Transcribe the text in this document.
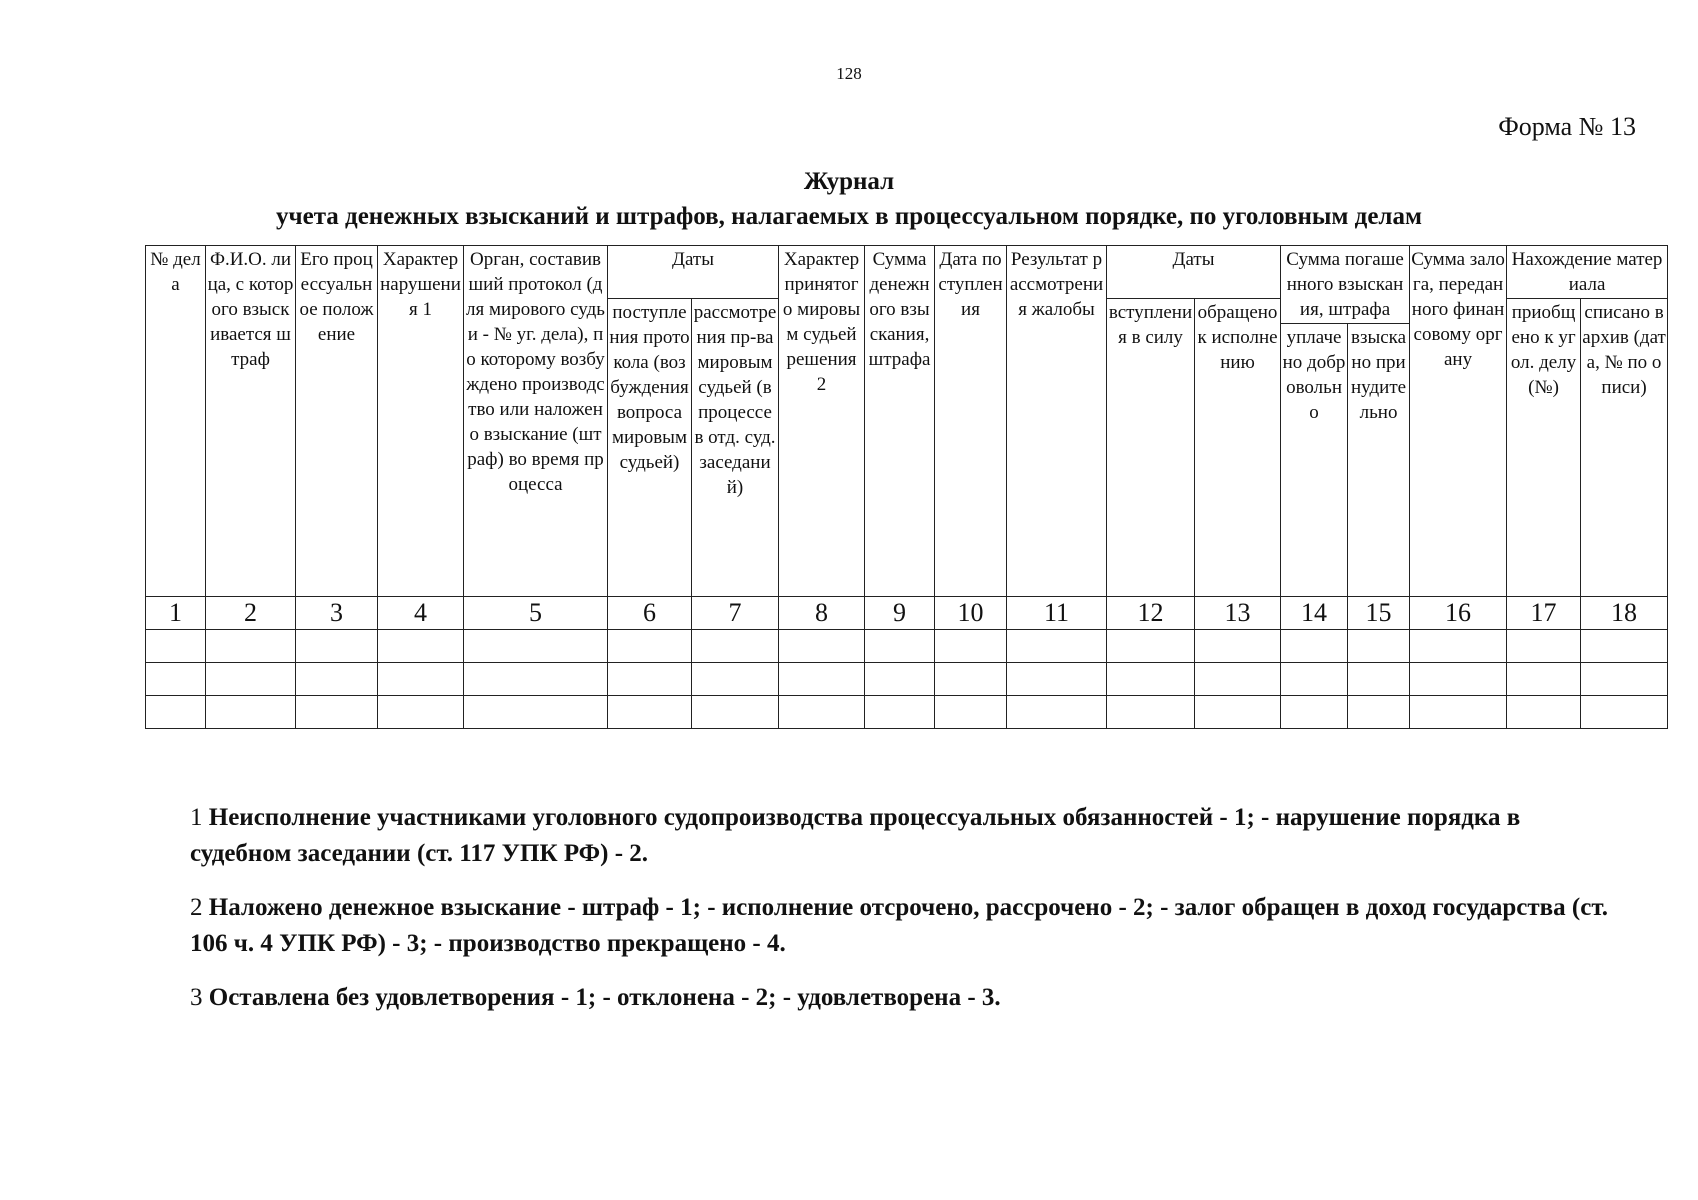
128
Форма № 13
Журнал
учета денежных взысканий и штрафов, налагаемых в процессуальном порядке, по уголовным делам
№ дела	Ф.И.О. лица, с которого взыскивается штраф	Его процессуальное положение	Характер нарушения 1	Орган, составивший протокол (для мирового судьи - № уг. дела), по которому возбуждено производство или наложено взыскание (штраф) во время процесса	Даты		Характер принятого мировым судьей решения 2	Сумма денежного взыскания, штрафа	Дата поступления	Результат рассмотрения жалобы	Даты		Сумма погашенного взыскания, штрафа		Сумма залога, переданного финансовому органу	Нахождение материала	
					поступления протокола (возбуждения вопроса мировым судьей)	рассмотрения пр-ва мировым судьей (в процессе в отд. суд. заседаний)					вступления в силу	обращено к исполнению				приобщено к угол. делу (№)	списано в архив (дата, № по описи)
													уплачено добровольно	взыскано принудительно			
1	2	3	4	5	6	7	8	9	10	11	12	13	14	15	16	17	18

1 Неисполнение участниками уголовного судопроизводства процессуальных обязанностей - 1; - нарушение порядка в судебном заседании (ст. 117 УПК РФ) - 2.

2 Наложено денежное взыскание - штраф - 1; - исполнение отсрочено, рассрочено - 2; - залог обращен в доход государства (ст. 106 ч. 4 УПК РФ) - 3; - производство прекращено - 4.

3 Оставлена без удовлетворения - 1; - отклонена - 2; - удовлетворена - 3.
